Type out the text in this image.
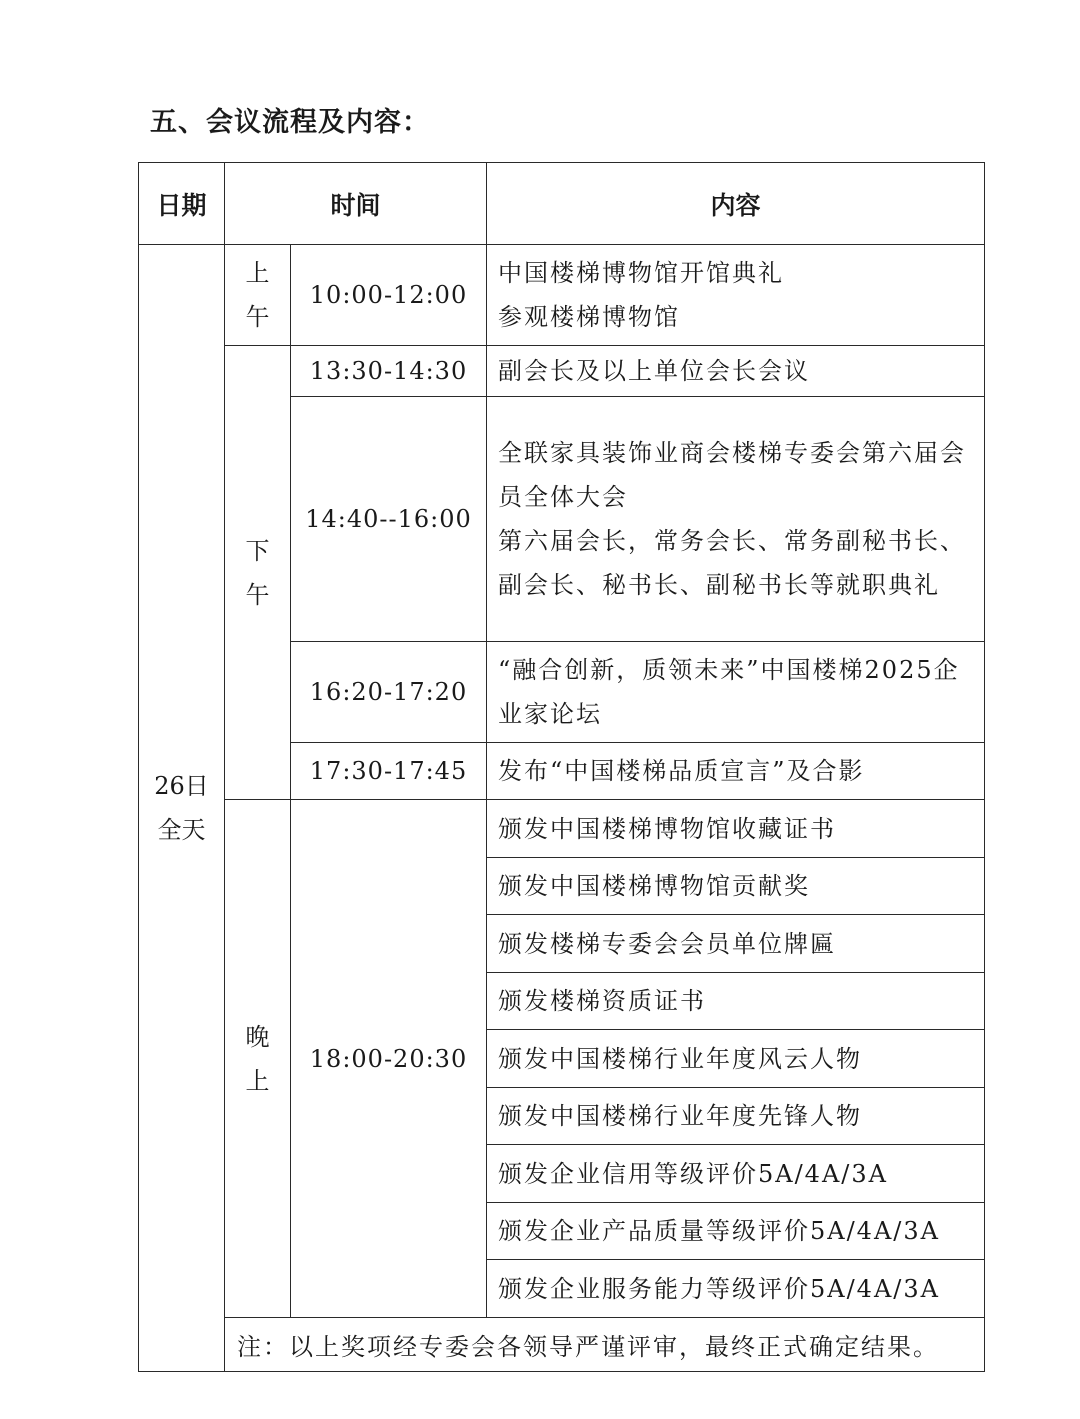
五、会议流程及内容：
日期	时间		内容

26日
全天	上午	10:00-12:00	中国楼梯博物馆开馆典礼
参观楼梯博物馆

	下午	13:30-14:30	副会长及以上单位会长会议

		14:40--16:00	全联家具装饰业商会楼梯专委会第六届会员全体大会
第六届会长，常务会长、常务副秘书长、副会长、秘书长、副秘书长等就职典礼

		16:20-17:20	“融合创新，质领未来”中国楼梯2025企业家论坛

		17:30-17:45	发布“中国楼梯品质宣言”及合影

	晚上	18:00-20:30	颁发中国楼梯博物馆收藏证书
			颁发中国楼梯博物馆贡献奖
			颁发楼梯专委会会员单位牌匾
			颁发楼梯资质证书
			颁发中国楼梯行业年度风云人物
			颁发中国楼梯行业年度先锋人物
			颁发企业信用等级评价5A/4A/3A
			颁发企业产品质量等级评价5A/4A/3A
			颁发企业服务能力等级评价5A/4A/3A
	注：以上奖项经专委会各领导严谨评审，最终正式确定结果。		
